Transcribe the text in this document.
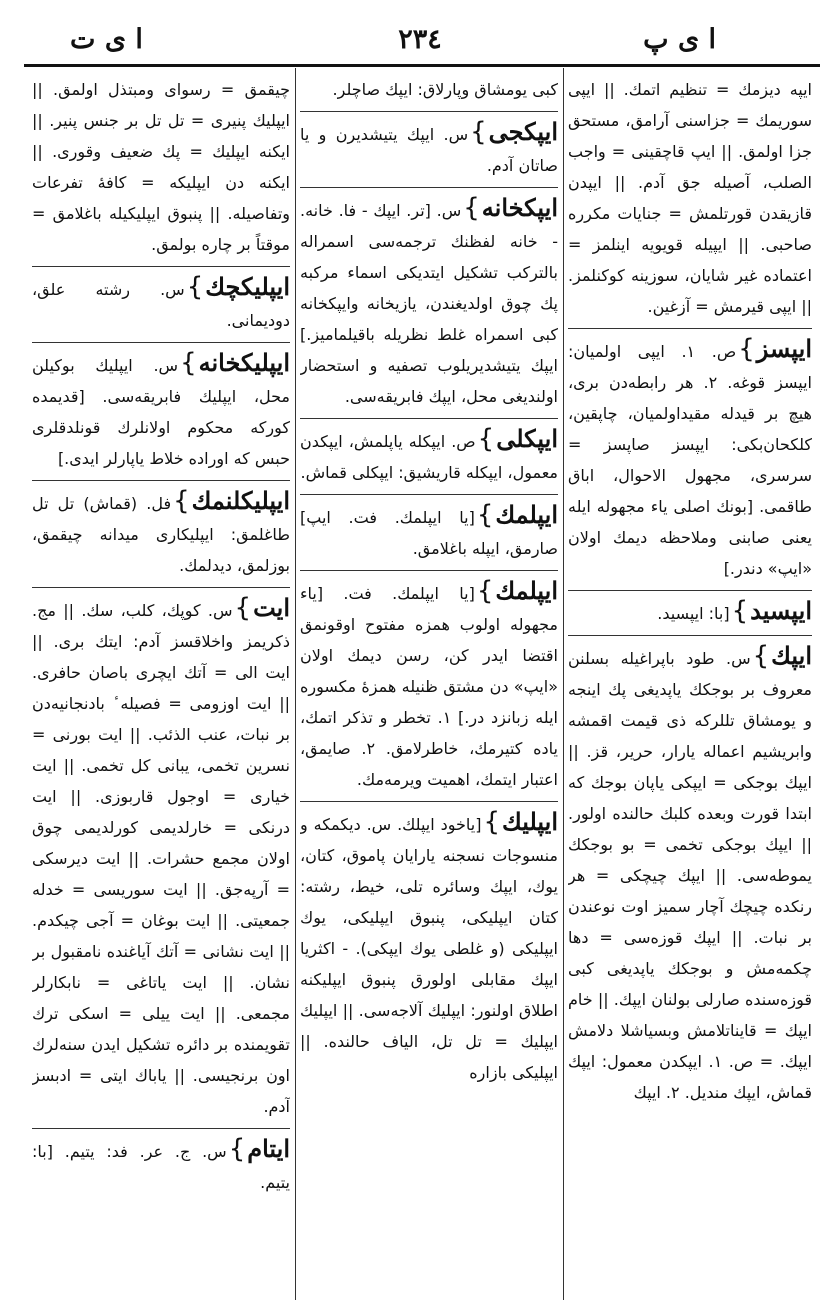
ا ی پ
۲۳٤
ا ی ت
ایپه دیزمك = تنظیم اتمك. || ایپی سوریمك = جزاسنی آرامق، مستحق جزا اولمق. || ایپ قاچقینی = واجب الصلب، آصیله جق آدم. || ایپدن قازیقدن قورتلمش = جنایات مکرره صاحبی. || ایپیله قویویه اینلمز = اعتماده غیر شایان، سوزینه کوکنلمز. || ایپی قیرمش = آزغین.
ایپسز}ص. ۱. ایپی اولمیان: ایپسز قوغه. ۲. هر رابطه‌دن بری، هیچ بر قیدله مقیداولمیان، چاپقین، کلکحان‌بکی: ایپسز صاپسز = سرسری، مجهول الاحوال، اباق طاقمی. [بونك اصلی یاء مجهوله ایله یعنی صابنی وملاحظه دیمك اولان «ایپ» دندر.]
ایپسید}[با: ایپسید.
ایپك}س. طود باپراغیله بسلنن معروف بر بوجکك یاپدیغی پك اینجه و یومشاق تللرکه ذی قیمت اقمشه وابریشیم اعماله یارار، حریر، قز. || ایپك بوجکی = ایپکی یاپان بوجك که ابتدا قورت وبعده کلبك حالنده اولور. || ایپك بوجکی تخمی = بو بوجکك یموطه‌سی. || ایپك چیچکی = هر رنکده چیچك آچار سمیز اوت نوعندن بر نبات. || ایپك قوزه‌سی = دها چکمه‌مش و بوجکك یاپدیغی کبی قوزه‌سنده صارلی بولنان ایپك. || خام ایپك = قایناتلامش وبسیاشلا دلامش ایپك. = ص. ۱. ایپکدن معمول: ایپك قماش، ایپك مندیل. ۲. ایپك
کبی یومشاق وپارلاق: ایپك صاچلر.
ایپکجی}س. ایپك یتیشدیرن و یا صاتان آدم.
ایپکخانه}س. [تر. ایپك - فا. خانه. - خانه لفظنك ترجمه‌سی اسمراله بالترکب تشکیل ایتدیکی اسماء مرکبه پك چوق اولدیغندن، یازیخانه وایپکخانه کبی اسمراه غلط نظریله باقیلمامیز.] ایپك یتیشدیریلوب تصفیه و استحضار اولندیغی محل، ایپك فابریقه‌سی.
ایپکلی}ص. ایپکله یاپلمش، ایپکدن معمول، ایپکله قاریشیق: ایپکلی قماش.
ایپلمك}[یا ایپلمك. فت. ایپ] صارمق، ایپله باغلامق.
ایپلمك}[یا ایپلمك. فت. [یاء مجهوله اولوب همزه مفتوح اوقونمق اقتضا ایدر کن، رسن دیمك اولان «ایپ» دن مشتق ظنیله همزهٔ مکسوره ایله زبانزد در.] ۱. تخطر و تذکر اتمك، یاده کتیرمك، خاطرلامق. ۲. صایمق، اعتبار ایتمك، اهمیت ویرمه‌مك.
ایپلیك}[یاخود ایپلك. س. دیکمکه و منسوجات نسجنه یارایان پاموق، کتان، یوك، ایپك وسائره تلی، خیط، رشته: کتان ایپلیکی، پنبوق ایپلیکی، یوك ایپلیکی (و غلطی یوك ایپکی). - اکثریا ایپك مقابلی اولورق پنبوق ایپلیکنه اطلاق اولنور: ایپلیك آلاجه‌سی. || ایپلیك ایپلیك = تل تل، الیاف حالنده. || ایپلیکی بازاره
چیقمق = رسوای ومبتذل اولمق. || ایپلیك پنیری = تل تل بر جنس پنیر. || ایکنه ایپلیك = پك ضعیف وقوری. || ایکنه دن ایپلیکه = کافهٔ تفرعات وتفاصیله. || پنبوق ایپلیکیله باغلامق = موقتاً بر چاره بولمق.
ایپلیکچك}س. رشته علق، دودیمانی.
ایپلیکخانه}س. ایپلیك بوکیلن محل، ایپلیك فابریقه‌سی. [قدیمده کورکه محکوم اولانلرك قونلدقلری حبس که اوراده خلاط یاپارلر ایدی.]
ایپلیکلنمك}فل. (قماش) تل تل طاغلمق: ایپلیکاری میدانه چیقمق، بوزلمق، دیدلمك.
ایت}س. کوپك، کلب، سك. || مج. ذکریمز واخلاقسز آدم: ایتك بری. || ایت الی = آتك ایچری باصان حافری. || ایت اوزومی = فصیله‌ ٔ بادنجانیه‌دن بر نبات، عنب الذئب. || ایت بورنی = نسرین تخمی، یبانی کل تخمی. || ایت خیاری = اوجول قاربوزی. || ایت درنکی = خارلدیمی کورلدیمی چوق اولان مجمع حشرات. || ایت دیرسکی = آرپه‌جق. || ایت سوریسی = خدله جمعیتی. || ایت بوغان = آجی چیکدم. || ایت نشانی = آتك آیاغنده نامقبول بر نشان. || ایت یاتاغی = نابکارلر مجمعی. || ایت ییلی = اسکی ترك تقویمنده بر دائره تشکیل ایدن سنه‌لرك اون برنجیسی. || یاباك ایتی = ادبسز آدم.
ایتام}س. ج. عر. فد: یتیم. [با: یتیم.
